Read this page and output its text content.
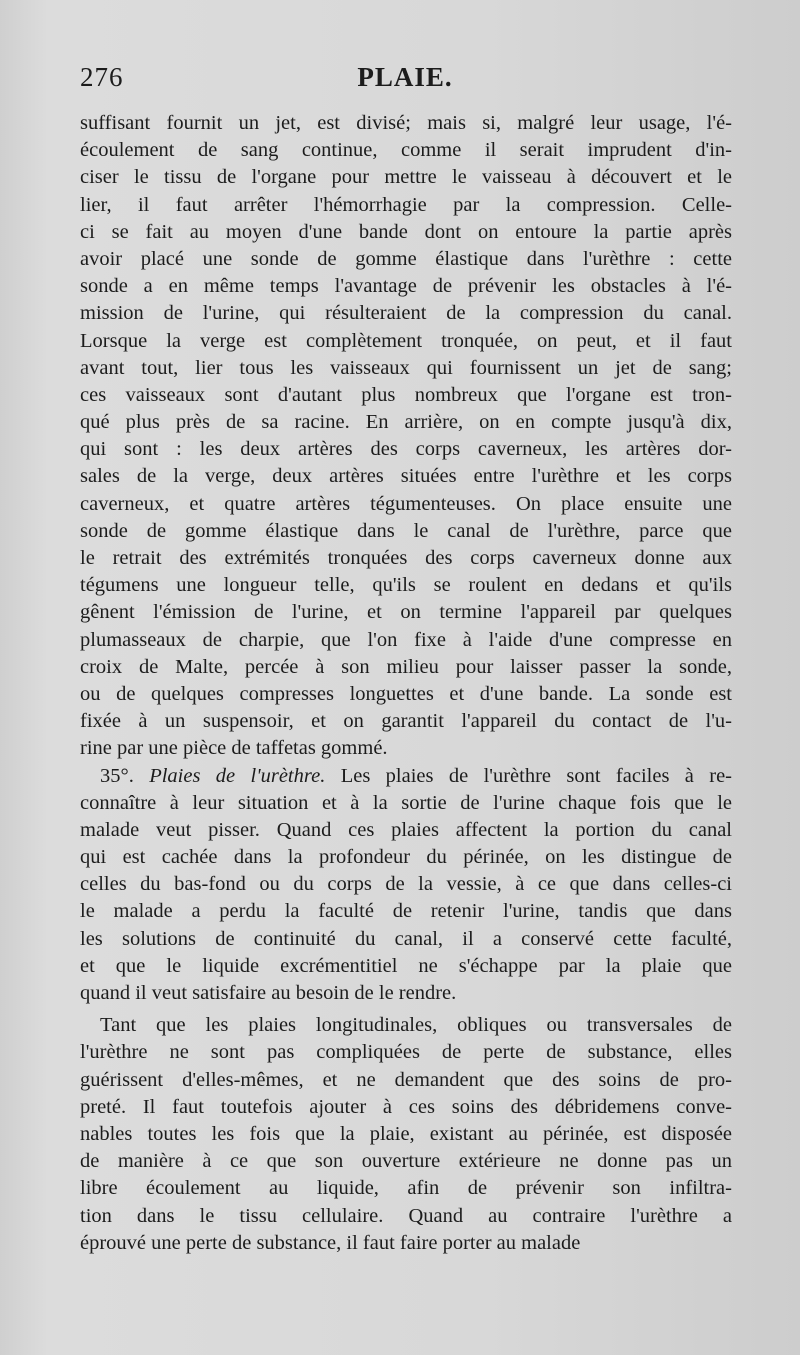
276	PLAIE.
suffisant fournit un jet, est divisé; mais si, malgré leur usage, l'é-
écoulement de sang continue, comme il serait imprudent d'in-
ciser le tissu de l'organe pour mettre le vaisseau à découvert et le
lier, il faut arrêter l'hémorrhagie par la compression. Celle-
ci se fait au moyen d'une bande dont on entoure la partie après
avoir placé une sonde de gomme élastique dans l'urèthre : cette
sonde a en même temps l'avantage de prévenir les obstacles à l'é-
mission de l'urine, qui résulteraient de la compression du canal.
Lorsque la verge est complètement tronquée, on peut, et il faut
avant tout, lier tous les vaisseaux qui fournissent un jet de sang;
ces vaisseaux sont d'autant plus nombreux que l'organe est tron-
qué plus près de sa racine. En arrière, on en compte jusqu'à dix,
qui sont : les deux artères des corps caverneux, les artères dor-
sales de la verge, deux artères situées entre l'urèthre et les corps
caverneux, et quatre artères tégumenteuses. On place ensuite une
sonde de gomme élastique dans le canal de l'urèthre, parce que
le retrait des extrémités tronquées des corps caverneux donne aux
tégumens une longueur telle, qu'ils se roulent en dedans et qu'ils
gênent l'émission de l'urine, et on termine l'appareil par quelques
plumasseaux de charpie, que l'on fixe à l'aide d'une compresse en
croix de Malte, percée à son milieu pour laisser passer la sonde,
ou de quelques compresses longuettes et d'une bande. La sonde est
fixée à un suspensoir, et on garantit l'appareil du contact de l'u-
rine par une pièce de taffetas gommé.
35°. Plaies de l'urèthre. Les plaies de l'urèthre sont faciles à re-
connaître à leur situation et à la sortie de l'urine chaque fois que le
malade veut pisser. Quand ces plaies affectent la portion du canal
qui est cachée dans la profondeur du périnée, on les distingue de
celles du bas-fond ou du corps de la vessie, à ce que dans celles-ci
le malade a perdu la faculté de retenir l'urine, tandis que dans
les solutions de continuité du canal, il a conservé cette faculté,
et que le liquide excrémentitiel ne s'échappe par la plaie que
quand il veut satisfaire au besoin de le rendre.
Tant que les plaies longitudinales, obliques ou transversales de
l'urèthre ne sont pas compliquées de perte de substance, elles
guérissent d'elles-mêmes, et ne demandent que des soins de pro-
preté. Il faut toutefois ajouter à ces soins des débridemens conve-
nables toutes les fois que la plaie, existant au périnée, est disposée
de manière à ce que son ouverture extérieure ne donne pas un
libre écoulement au liquide, afin de prévenir son infiltra-
tion dans le tissu cellulaire. Quand au contraire l'urèthre a
éprouvé une perte de substance, il faut faire porter au malade
